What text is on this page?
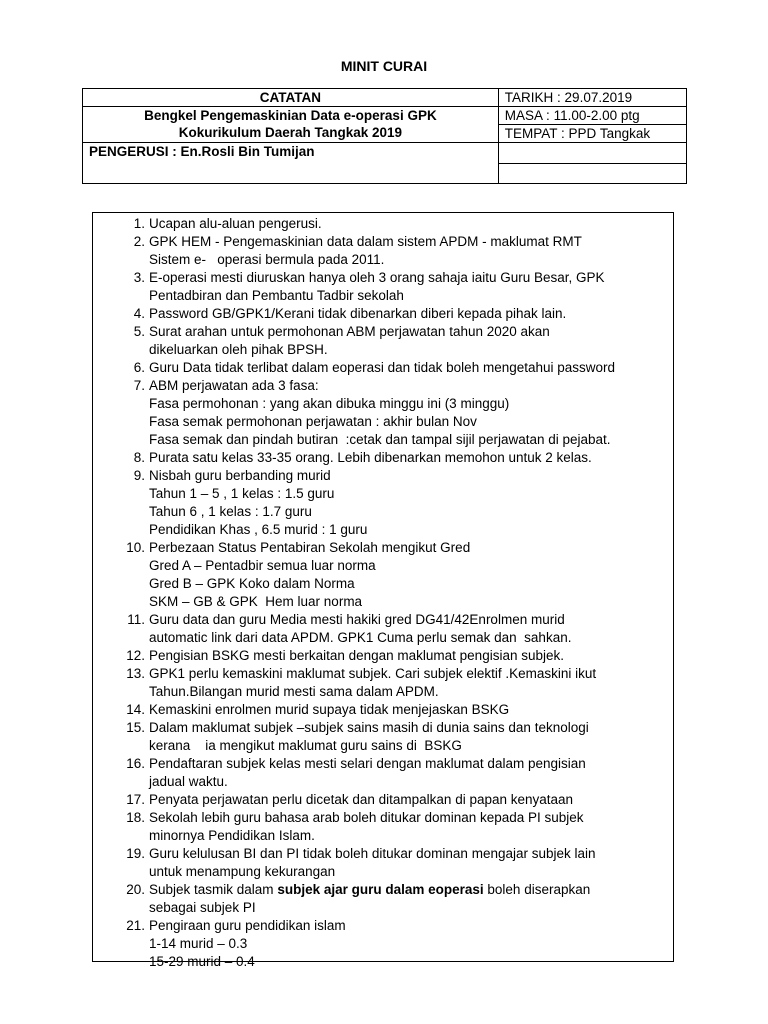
MINIT CURAI
CATATAN	TARIKH : 29.07.2019

Bengkel Pengemaskinian Data e-operasi GPK
Kokurikulum Daerah Tangkak 2019	MASA : 11.00-2.00 ptg
	TEMPAT : PPD Tangkak
PENGERUSI : En.Rosli Bin Tumijan	

1. Ucapan alu-aluan pengerusi.
2. GPK HEM - Pengemaskinian data dalam sistem APDM - maklumat RMT
Sistem e-   operasi bermula pada 2011.
3. E-operasi mesti diuruskan hanya oleh 3 orang sahaja iaitu Guru Besar, GPK
Pentadbiran dan Pembantu Tadbir sekolah
4. Password GB/GPK1/Kerani tidak dibenarkan diberi kepada pihak lain.
5. Surat arahan untuk permohonan ABM perjawatan tahun 2020 akan
dikeluarkan oleh pihak BPSH.
6. Guru Data tidak terlibat dalam eoperasi dan tidak boleh mengetahui password
7. ABM perjawatan ada 3 fasa:
Fasa permohonan : yang akan dibuka minggu ini (3 minggu)
Fasa semak permohonan perjawatan : akhir bulan Nov
Fasa semak dan pindah butiran  :cetak dan tampal sijil perjawatan di pejabat.
8. Purata satu kelas 33-35 orang. Lebih dibenarkan memohon untuk 2 kelas.
9. Nisbah guru berbanding murid
Tahun 1 – 5 , 1 kelas : 1.5 guru
Tahun 6 , 1 kelas : 1.7 guru
Pendidikan Khas , 6.5 murid : 1 guru
10. Perbezaan Status Pentabiran Sekolah mengikut Gred
Gred A – Pentadbir semua luar norma
Gred B – GPK Koko dalam Norma
SKM – GB & GPK  Hem luar norma
11. Guru data dan guru Media mesti hakiki gred DG41/42Enrolmen murid
automatic link dari data APDM. GPK1 Cuma perlu semak dan  sahkan.
12. Pengisian BSKG mesti berkaitan dengan maklumat pengisian subjek.
13. GPK1 perlu kemaskini maklumat subjek. Cari subjek elektif .Kemaskini ikut
Tahun.Bilangan murid mesti sama dalam APDM.
14. Kemaskini enrolmen murid supaya tidak menjejaskan BSKG
15. Dalam maklumat subjek –subjek sains masih di dunia sains dan teknologi
kerana    ia mengikut maklumat guru sains di  BSKG
16. Pendaftaran subjek kelas mesti selari dengan maklumat dalam pengisian
jadual waktu.
17. Penyata perjawatan perlu dicetak dan ditampalkan di papan kenyataan
18. Sekolah lebih guru bahasa arab boleh ditukar dominan kepada PI subjek
minornya Pendidikan Islam.
19. Guru kelulusan BI dan PI tidak boleh ditukar dominan mengajar subjek lain
untuk menampung kekurangan
20. Subjek tasmik dalam subjek ajar guru dalam eoperasi boleh diserapkan
sebagai subjek PI
21. Pengiraan guru pendidikan islam
1-14 murid – 0.3
15-29 murid – 0.4
